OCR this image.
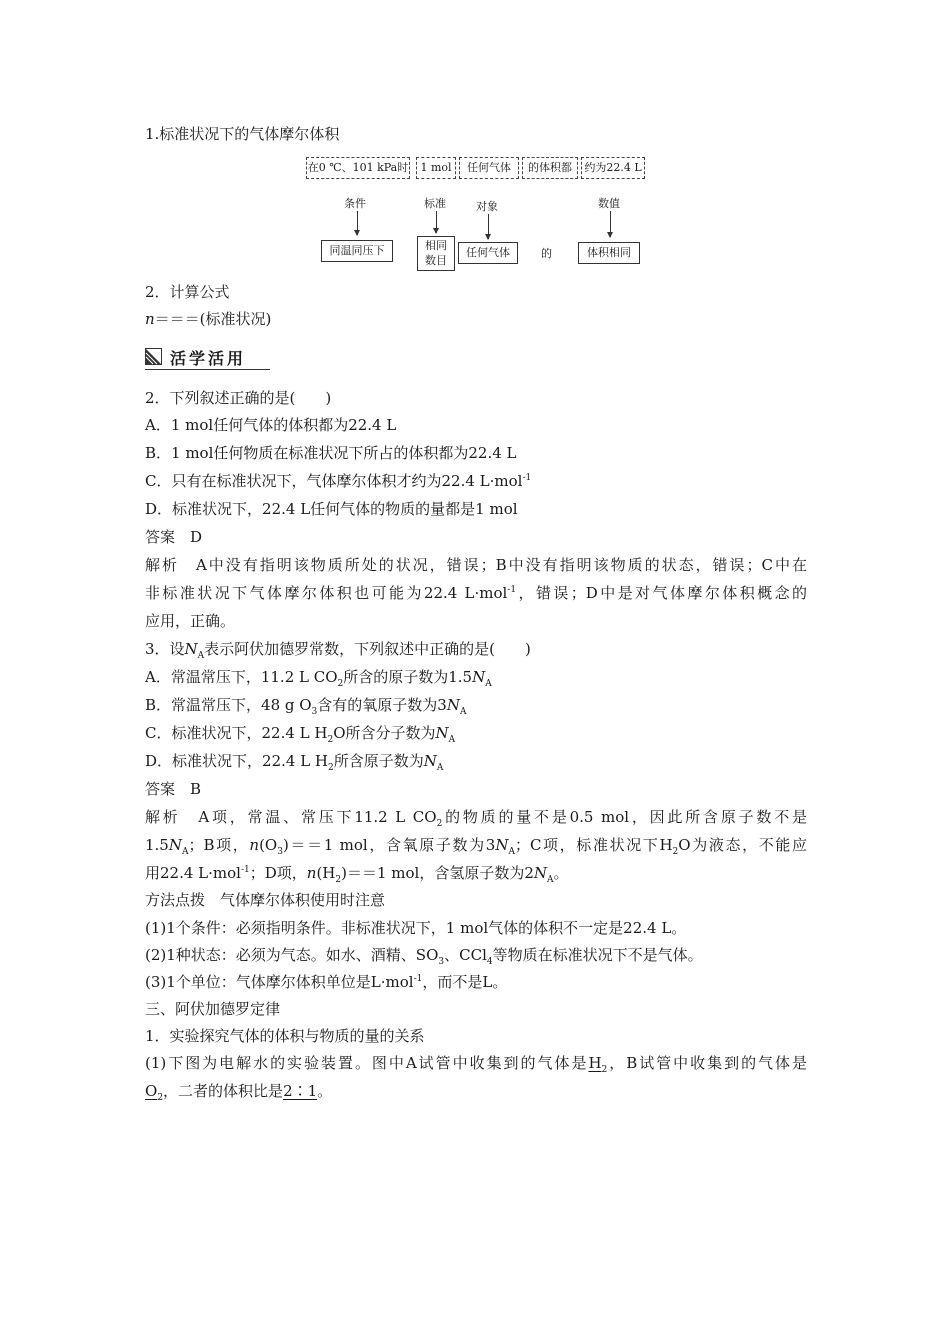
1.标准状况下的气体摩尔体积
在0 ℃、101 kPa时	1 mol	任何气体	的体积都	约为22.4 L
条件	标准	对象	数值
同温同压下	相同
数目
任何气体	的	体积相同
2．计算公式
n＝＝＝(标准状况)
活学活用
2．下列叙述正确的是(　　)
A．1 mol任何气体的体积都为22.4 L
B．1 mol任何物质在标准状况下所占的体积都为22.4 L
C．只有在标准状况下，气体摩尔体积才约为22.4 L·mol$^{-1}$
D．标准状况下，22.4 L任何气体的物质的量都是1 mol
答案　D
解析　A中没有指明该物质所处的状况，错误；B中没有指明该物质的状态，错误；C中在
非标准状况下气体摩尔体积也可能为22.4 L·mol$^{-1}$，错误；D中是对气体摩尔体积概念的
应用，正确。
3．设$N_A$表示阿伏加德罗常数，下列叙述中正确的是(　　)
A．常温常压下，11.2 L $CO_2$所含的原子数为$1.5N_A$
B．常温常压下，48 g $O_3$含有的氧原子数为$3N_A$
C．标准状况下，22.4 L $H_2O$所含分子数为$N_A$
D．标准状况下，22.4 L $H_2$所含原子数为$N_A$
答案　B
解析　A项，常温、常压下11.2 L $CO_2$的物质的量不是0.5 mol，因此所含原子数不是
$1.5N_A$；B项，$n(O_3)==1$ mol，含氧原子数为$3N_A$；C项，标准状况下$H_2O$为液态，不能应
用22.4 L·mol$^{-1}$；D项，$n(H_2)==1$ mol，含氢原子数为$2N_A$。
方法点拨　气体摩尔体积使用时注意
(1)1个条件：必须指明条件。非标准状况下，1 mol气体的体积不一定是22.4 L。
(2)1种状态：必须为气态。如水、酒精、$SO_3$、CCl$_4$等物质在标准状况下不是气体。
(3)1个单位：气体摩尔体积单位是L·mol$^{-1}$，而不是L。
三、阿伏加德罗定律
1．实验探究气体的体积与物质的量的关系
(1)下图为电解水的实验装置。图中A试管中收集到的气体是$H_2$，B试管中收集到的气体是
$O_2$，二者的体积比是2∶1。
